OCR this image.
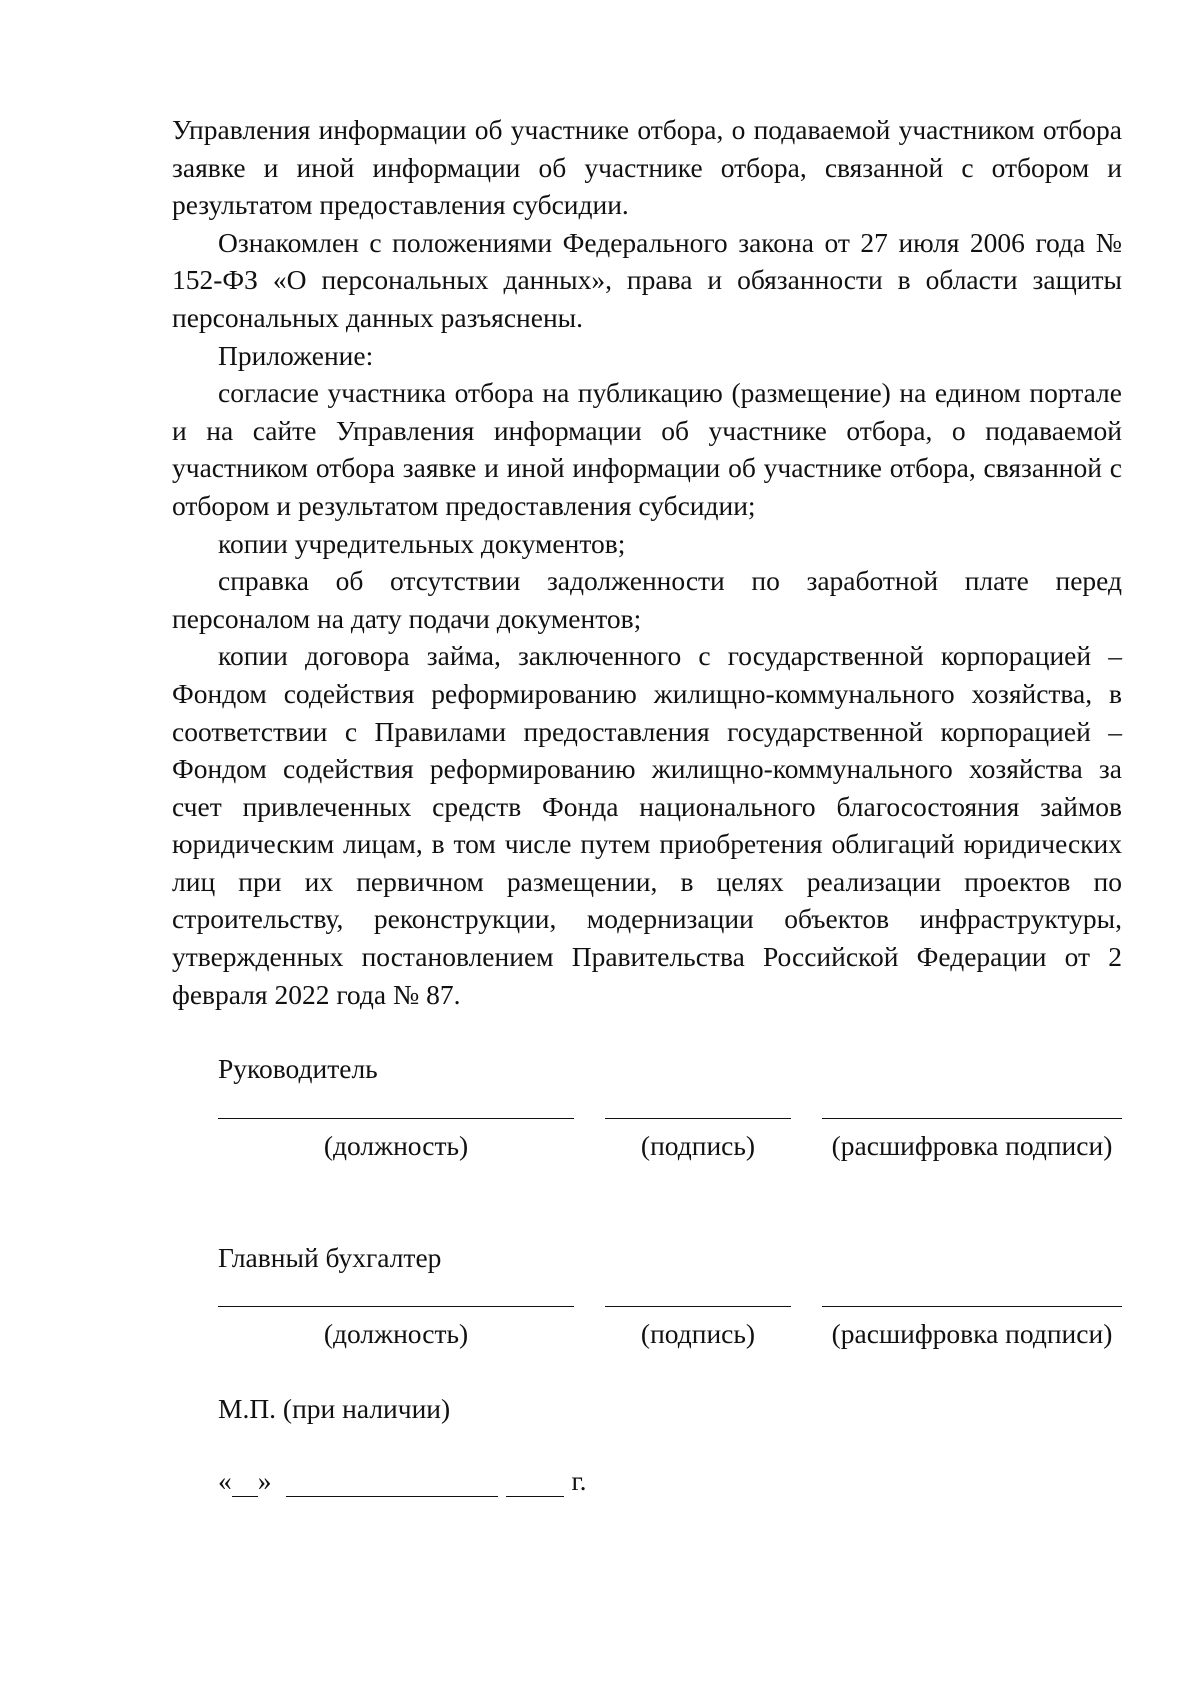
Управления информации об участнике отбора, о подаваемой участником отбора заявке и иной информации об участнике отбора, связанной с отбором и результатом предоставления субсидии.

Ознакомлен с положениями Федерального закона от 27 июля 2006 года № 152-ФЗ «О персональных данных», права и обязанности в области защиты персональных данных разъяснены.

Приложение:

согласие участника отбора на публикацию (размещение) на едином портале и на сайте Управления информации об участнике отбора, о подаваемой участником отбора заявке и иной информации об участнике отбора, связанной с отбором и результатом предоставления субсидии;

копии учредительных документов;

справка об отсутствии задолженности по заработной плате перед персоналом на дату подачи документов;

копии договора займа, заключенного с государственной корпорацией – Фондом содействия реформированию жилищно-коммунального хозяйства, в соответствии с Правилами предоставления государственной корпорацией – Фондом содействия реформированию жилищно-коммунального хозяйства за счет привлеченных средств Фонда национального благосостояния займов юридическим лицам, в том числе путем приобретения облигаций юридических лиц при их первичном размещении, в целях реализации проектов по строительству, реконструкции, модернизации объектов инфраструктуры, утвержденных постановлением Правительства Российской Федерации от 2 февраля 2022 года № 87.

Руководитель
(должность)	(подпись)	(расшифровка подписи)
Главный бухгалтер
(должность)	(подпись)	(расшифровка подписи)
М.П. (при наличии)
« »	г.
